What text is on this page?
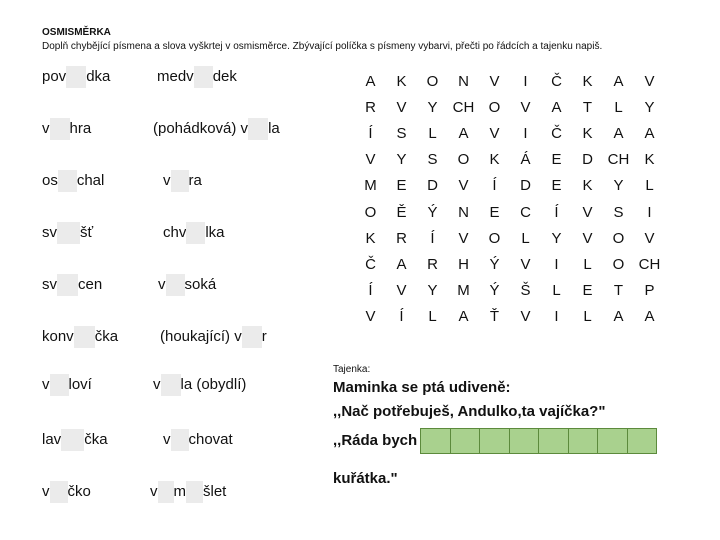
OSMISMĚRKA
Doplň chybějící písmena a slova vyškrtej v osmisměrce. Zbývající políčka s písmeny vybarvi, přečti po řádcích a tajenku napiš.
pov dka
v hra
os chal
sv šť
sv cen
konv čka
v loví
lav čka
v čko
medv dek
(pohádková) v la
v ra
chv lka
v soká
(houkající) v r
v la (obydlí)
v chovat
v m šlet
A	K	O	N	V	I	Č	K	A	V
R	V	Y	CH	O	V	A	T	L	Y
Í	S	L	A	V	I	Č	K	A	A
V	Y	S	O	K	Á	E	D	CH	K
M	E	D	V	Í	D	E	K	Y	L
O	Ě	Ý	N	E	C	Í	V	S	I
K	R	Í	V	O	L	Y	V	O	V
Č	A	R	H	Ý	V	I	L	O	CH
Í	V	Y	M	Ý	Š	L	E	T	P
V	Í	L	A	Ť	V	I	L	A	A
Tajenka:
Maminka se ptá udiveně:
,,Nač potřebuješ, Andulko,ta vajíčka?"
,,Ráda bych
kuřátka."
